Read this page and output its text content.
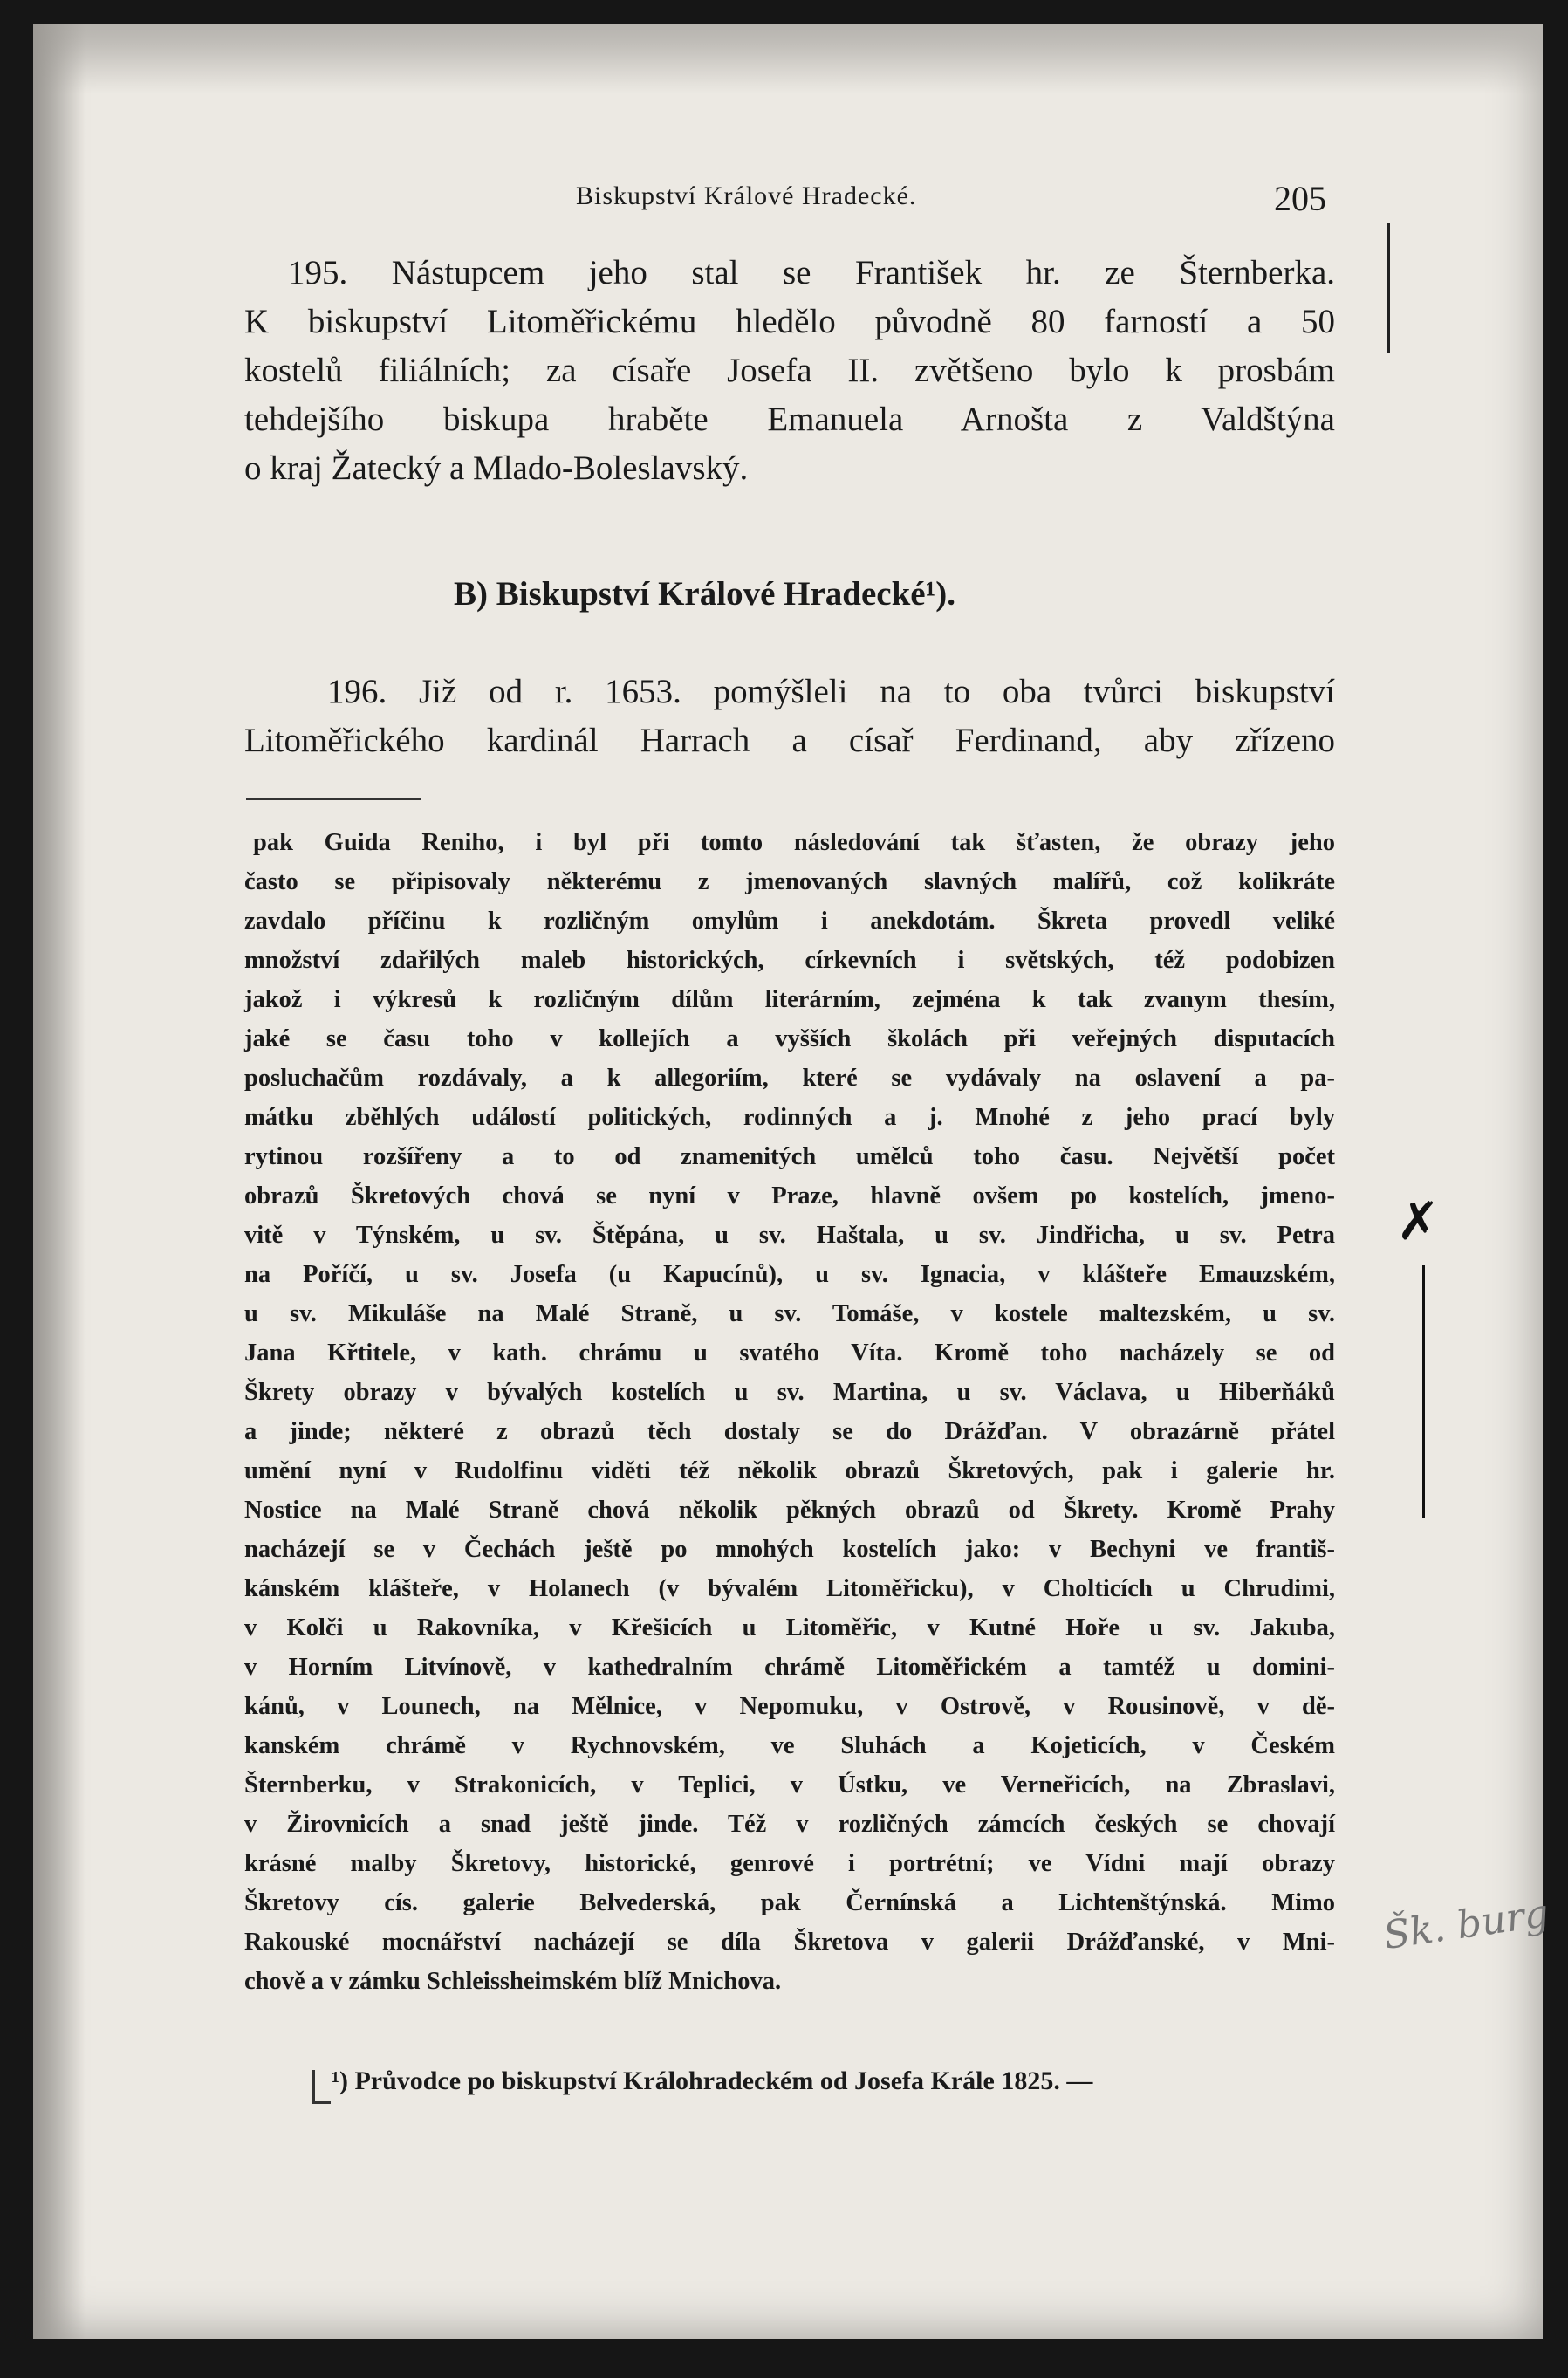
Biskupství Králové Hradecké.	205
195. Nástupcem jeho stal se František hr. ze Šternberka.
K biskupství Litoměřickému hledělo původně 80 farností a 50
kostelů filiálních; za císaře Josefa II. zvětšeno bylo k prosbám
tehdejšího biskupa hraběte Emanuela Arnošta z Valdštýna
o kraj Žatecký a Mlado-Boleslavský.
B) Biskupství Králové Hradecké¹).
196. Již od r. 1653. pomýšleli na to oba tvůrci biskupství
Litoměřického kardinál Harrach a císař Ferdinand, aby zřízeno
pak Guida Reniho, i byl při tomto následování tak šťasten, že obrazy jeho
často se připisovaly některému z jmenovaných slavných malířů, což kolikráte
zavdalo příčinu k rozličným omylům i anekdotám. Škreta provedl veliké
množství zdařilých maleb historických, církevních i světských, též podobizen
jakož i výkresů k rozličným dílům literárním, zejména k tak zvanym thesím,
jaké se času toho v kollejích a vyšších školách při veřejných disputacích
posluchačům rozdávaly, a k allegoriím, které se vydávaly na oslavení a pa-
mátku zběhlých událostí politických, rodinných a j. Mnohé z jeho prací byly
rytinou rozšířeny a to od znamenitých umělců toho času. Největší počet
obrazů Škretových chová se nyní v Praze, hlavně ovšem po kostelích, jmeno-
vitě v Týnském, u sv. Štěpána, u sv. Haštala, u sv. Jindřicha, u sv. Petra
na Poříčí, u sv. Josefa (u Kapucínů), u sv. Ignacia, v klášteře Emauzském,
u sv. Mikuláše na Malé Straně, u sv. Tomáše, v kostele maltezském, u sv.
Jana Křtitele, v kath. chrámu u svatého Víta. Kromě toho nacházely se od
Škrety obrazy v bývalých kostelích u sv. Martina, u sv. Václava, u Hiberňáků
a jinde; některé z obrazů těch dostaly se do Drážďan. V obrazárně přátel
umění nyní v Rudolfinu viděti též několik obrazů Škretových, pak i galerie hr.
Nostice na Malé Straně chová několik pěkných obrazů od Škrety. Kromě Prahy
nacházejí se v Čechách ještě po mnohých kostelích jako: v Bechyni ve františ-
kánském klášteře, v Holanech (v bývalém Litoměřicku), v Cholticích u Chrudimi,
v Kolči u Rakovníka, v Křešicích u Litoměřic, v Kutné Hoře u sv. Jakuba,
v Horním Litvínově, v kathedralním chrámě Litoměřickém a tamtéž u domini-
kánů, v Lounech, na Mělnice, v Nepomuku, v Ostrově, v Rousinově, v dě-
kanském chrámě v Rychnovském, ve Sluhách a Kojeticích, v Českém
Šternberku, v Strakonicích, v Teplici, v Ústku, ve Verneřicích, na Zbraslavi,
v Žirovnicích a snad ještě jinde. Též v rozličných zámcích českých se chovají
krásné malby Škretovy, historické, genrové i portrétní; ve Vídni mají obrazy
Škretovy cís. galerie Belvederská, pak Černínská a Lichtenštýnská. Mimo
Rakouské mocnářství nacházejí se díla Škretova v galerii Drážďanské, v Mni-
chově a v zámku Schleissheimském blíž Mnichova.
¹) Průvodce po biskupství Králohradeckém od Josefa Krále 1825. —
✗
Šk. burg
